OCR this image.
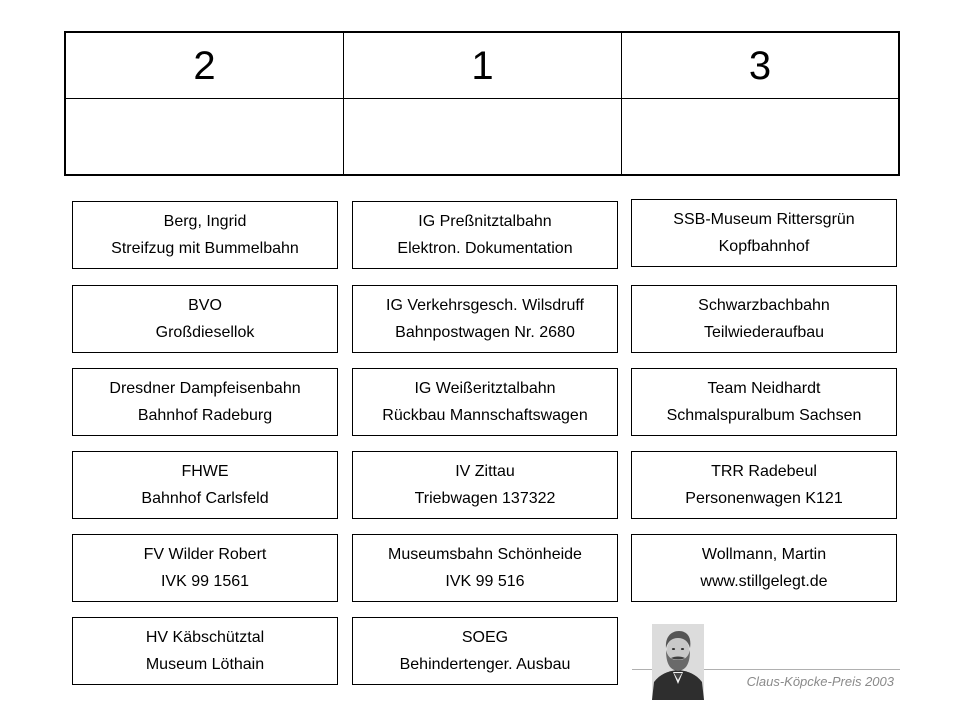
2	1	3
Berg, Ingrid
Streifzug mit Bummelbahn
BVO
Großdiesellok
Dresdner Dampfeisenbahn
Bahnhof Radeburg
FHWE
Bahnhof Carlsfeld
FV Wilder Robert
IVK 99 1561
HV Käbschütztal
Museum Löthain
IG Preßnitztalbahn
Elektron. Dokumentation
IG Verkehrsgesch. Wilsdruff
Bahnpostwagen Nr. 2680
IG Weißeritztalbahn
Rückbau Mannschaftswagen
IV Zittau
Triebwagen 137322
Museumsbahn Schönheide
IVK 99 516
SOEG
Behindertenger. Ausbau
SSB-Museum Rittersgrün
Kopfbahnhof
Schwarzbachbahn
Teilwiederaufbau
Team Neidhardt
Schmalspuralbum Sachsen
TRR Radebeul
Personenwagen K121
Wollmann, Martin
www.stillgelegt.de
Claus-Köpcke-Preis 2003
